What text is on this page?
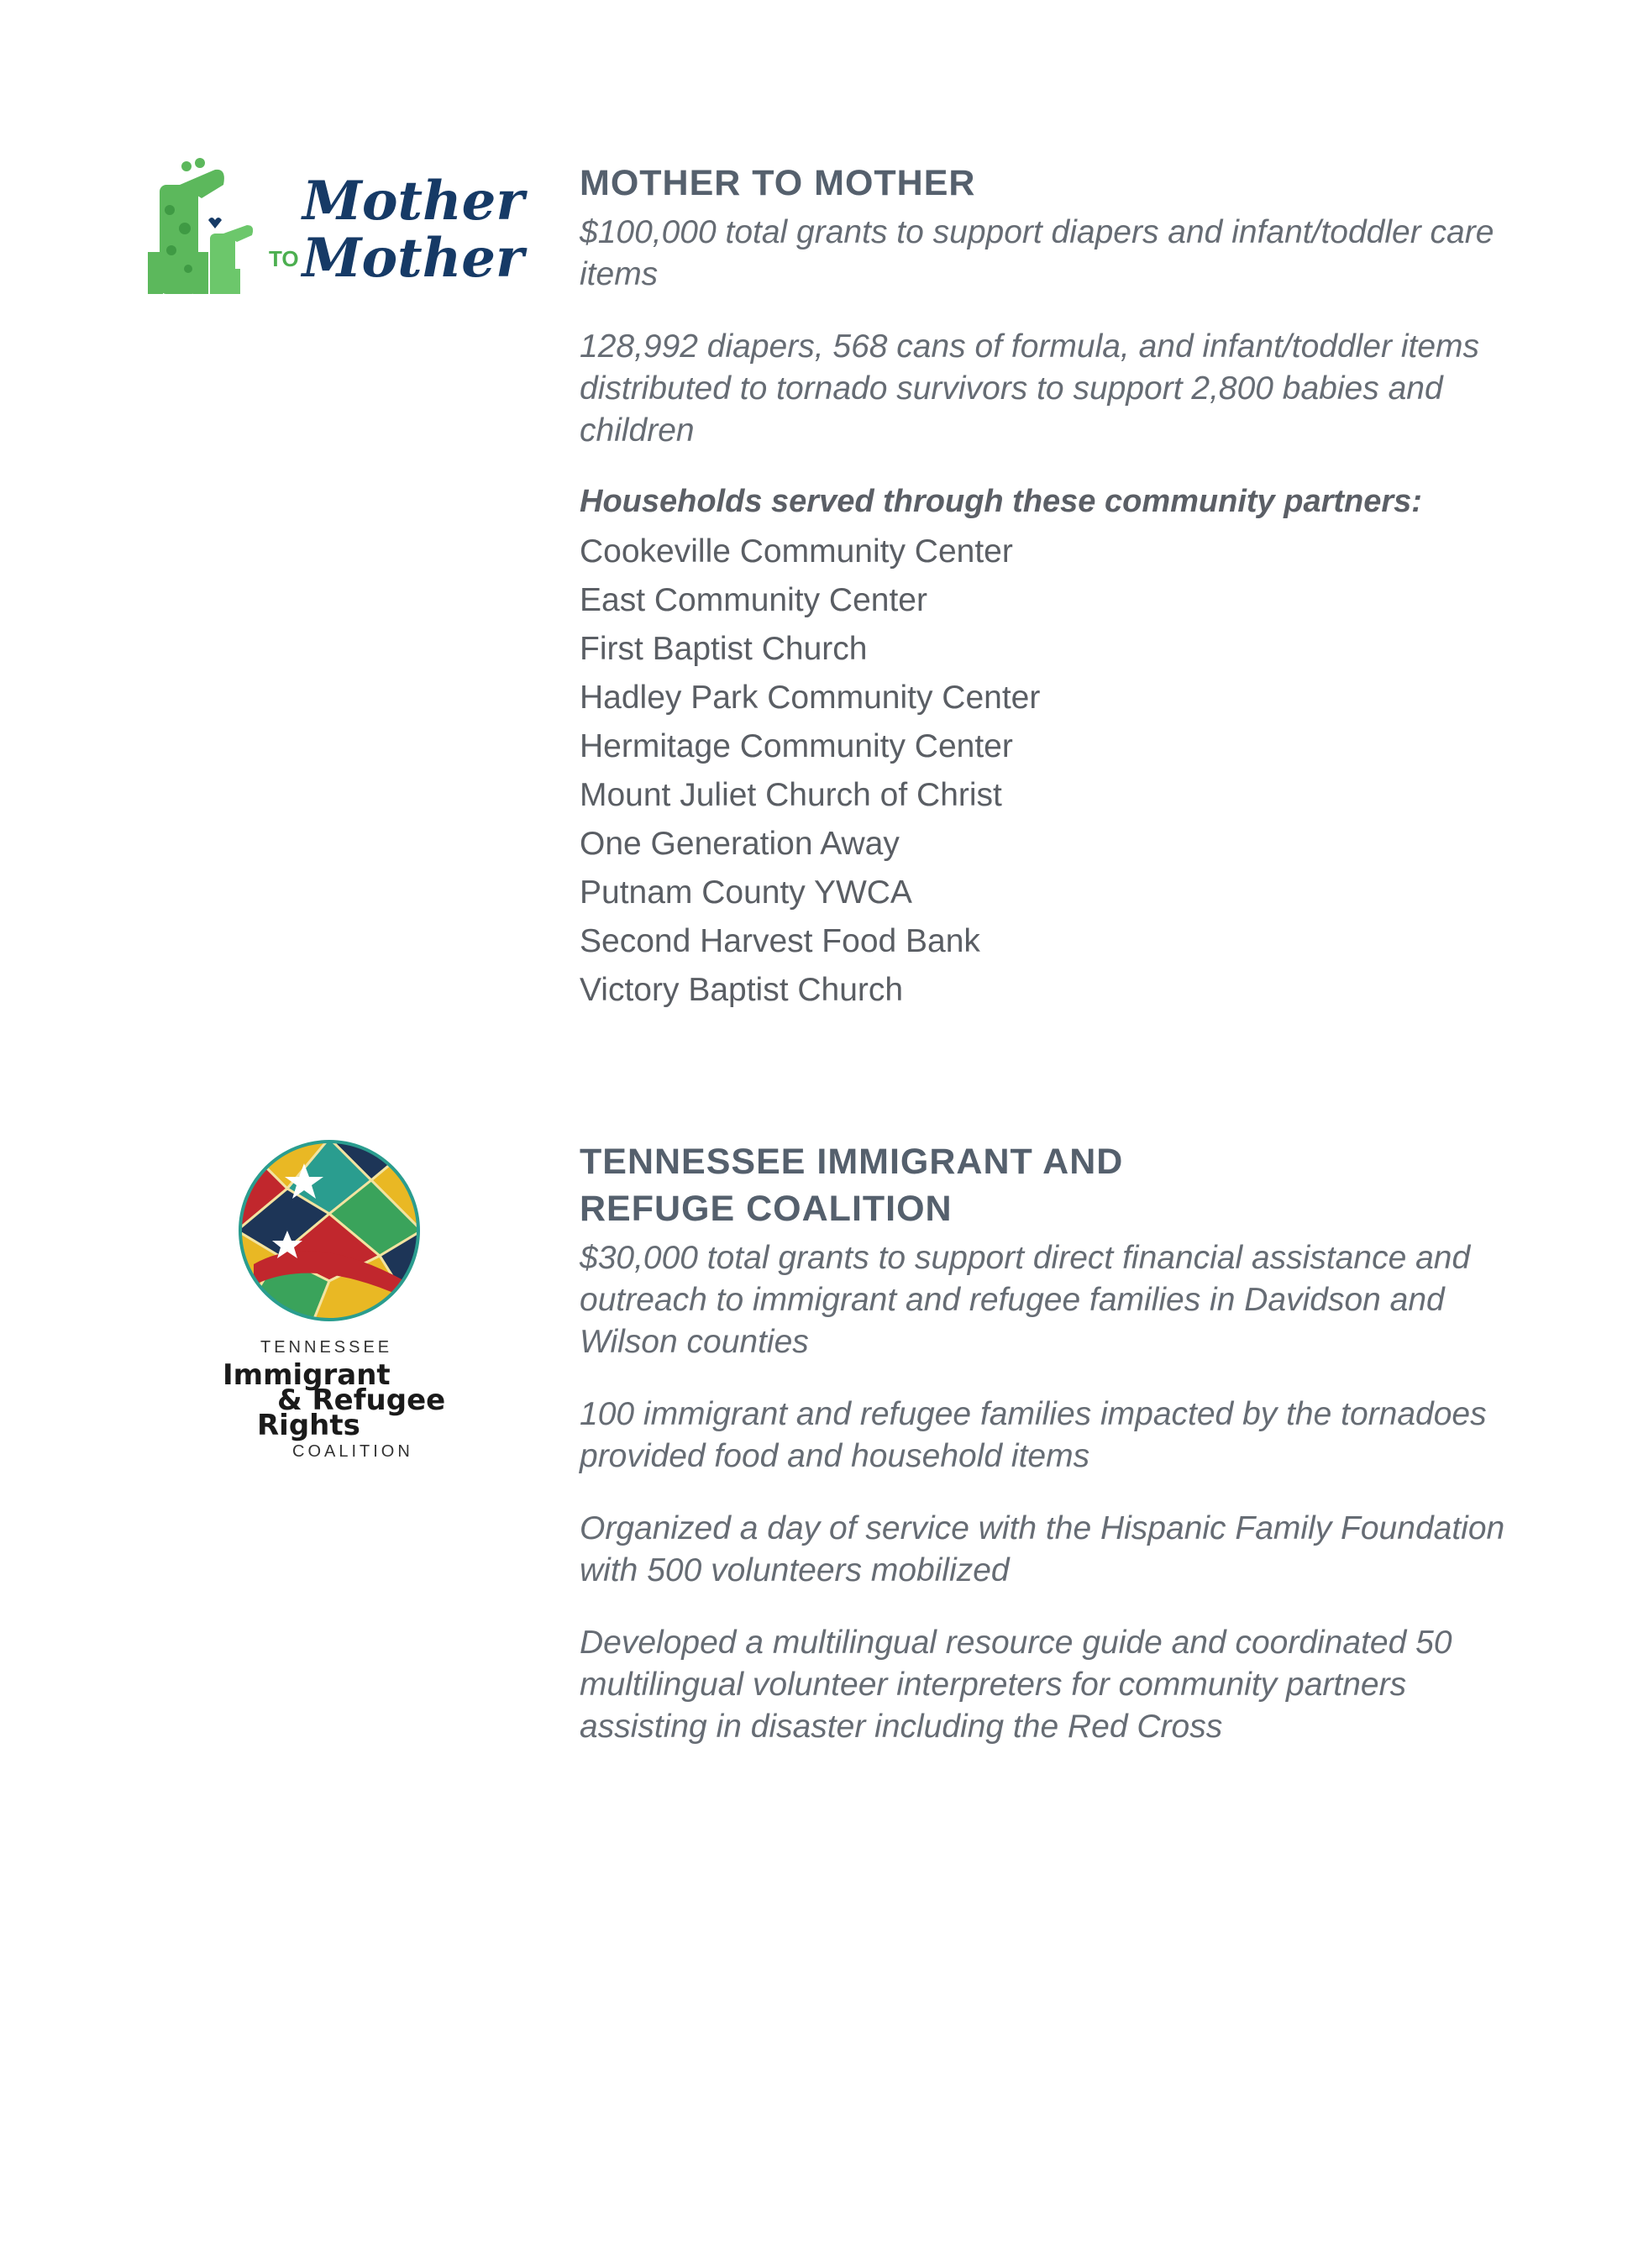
Mother
TO Mother
MOTHER TO MOTHER

$100,000 total grants to support diapers and infant/toddler care items

128,992 diapers, 568 cans of formula, and infant/toddler items distributed to tornado survivors to support 2,800 babies and children

Households served through these community partners:

Cookeville Community Center
East Community Center
First Baptist Church
Hadley Park Community Center
Hermitage Community Center
Mount Juliet Church of Christ
One Generation Away
Putnam County YWCA
Second Harvest Food Bank
Victory Baptist Church
TENNESSEE
Immigrant
& Refugee
Rights
COALITION
TENNESSEE IMMIGRANT AND
REFUGE COALITION

$30,000 total grants to support direct financial assistance and outreach to immigrant and refugee families in Davidson and Wilson counties

100 immigrant and refugee families impacted by the tornadoes provided food and household items

Organized a day of service with the Hispanic Family Foundation with 500 volunteers mobilized

Developed a multilingual resource guide and coordinated 50 multilingual volunteer interpreters for community partners assisting in disaster including the Red Cross
